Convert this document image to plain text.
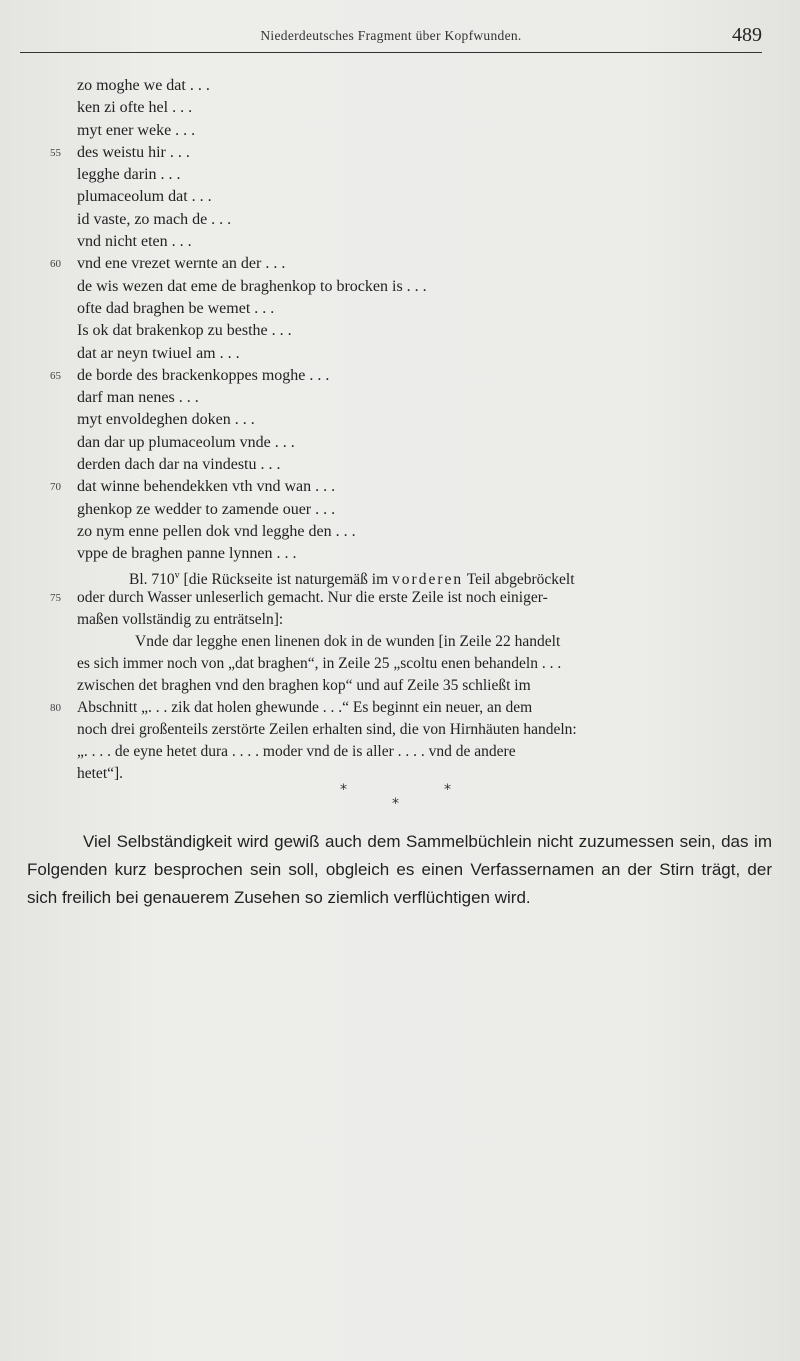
Niederdeutsches Fragment über Kopfwunden.	489
zo moghe we dat . . .
ken zi ofte hel . . .
myt ener weke . . .
55	des weistu hir . . .
legghe darin . . .
plumaceolum dat . . .
id vaste, zo mach de . . .
vnd nicht eten . . .
60	vnd ene vrezet wernte an der . . .
de wis wezen dat eme de braghenkop to brocken is . . .
ofte dad braghen be wemet . . .
Is ok dat brakenkop zu besthe . . .
dat ar neyn twiuel am . . .
65	de borde des brackenkoppes moghe . . .
darf man nenes . . .
myt envoldeghen doken . . .
dan dar up plumaceolum vnde . . .
derden dach dar na vindestu . . .
70	dat winne behendekken vth vnd wan . . .
ghenkop ze wedder to zamende ouer . . .
zo nym enne pellen dok vnd legghe den . . .
vppe de braghen panne lynnen . . .
Bl. 710$^v$ [die Rückseite ist naturgemäß im vorderen Teil abgebröckelt
75 oder durch Wasser unleserlich gemacht. Nur die erste Zeile ist noch einiger-
maßen vollständig zu enträtseln]:
Vnde dar legghe enen linenen dok in de wunden [in Zeile 22 handelt
es sich immer noch von „dat braghen“, in Zeile 25 „scoltu enen behandeln . . .
zwischen det braghen vnd den braghen kop“ und auf Zeile 35 schließt im
80 Abschnitt „. . . zik dat holen ghewunde . . .“ Es beginnt ein neuer, an dem
noch drei großenteils zerstörte Zeilen erhalten sind, die von Hirnhäuten handeln:
„. . . . de eyne hetet dura . . . . moder vnd de is aller . . . . vnd de andere
hetet“].
*	*
*
Viel Selbständigkeit wird gewiß auch dem Sammelbüchlein nicht zuzumessen sein, das im Folgenden kurz besprochen sein soll, obgleich es einen Verfassernamen an der Stirn trägt, der sich freilich bei genauerem Zusehen so ziemlich verflüchtigen wird.
